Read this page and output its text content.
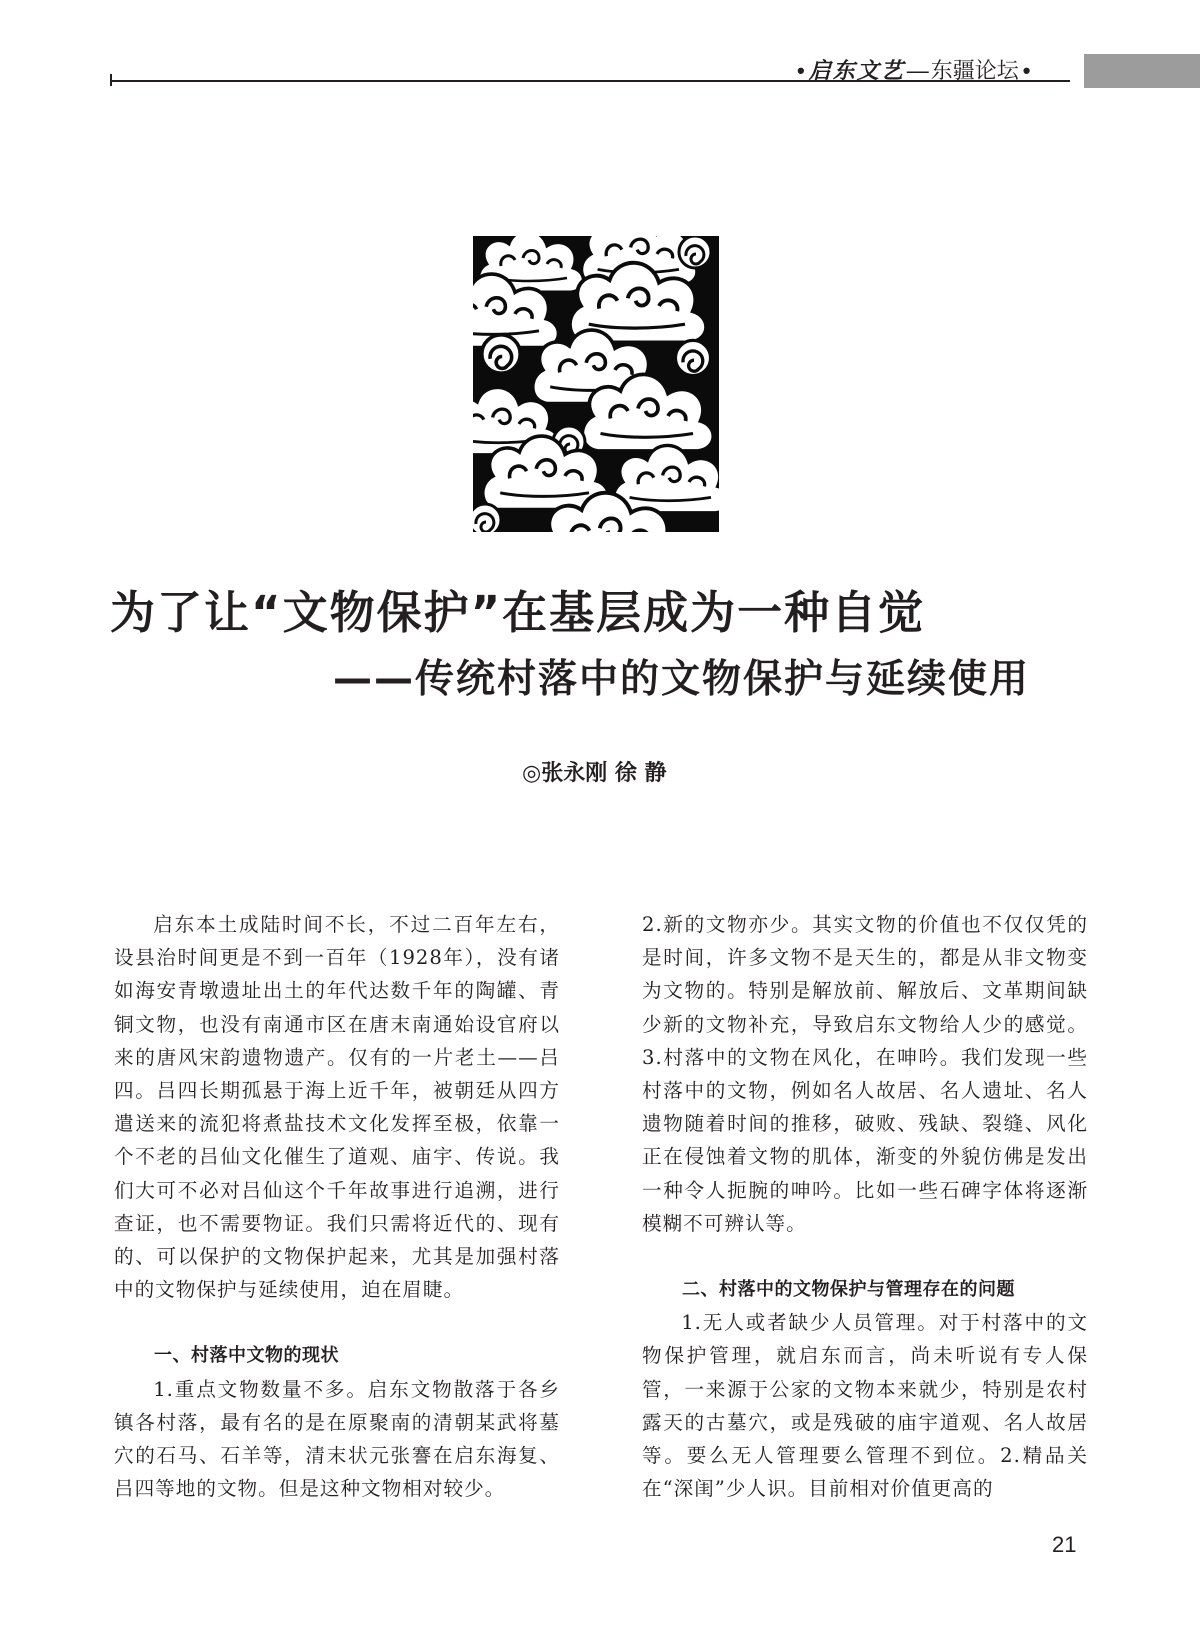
• 启东文艺—东疆论坛 •
为了让“文物保护”在基层成为一种自觉
——传统村落中的文物保护与延续使用
◎张永刚 徐 静

启东本土成陆时间不长，不过二百年左右，设县治时间更是不到一百年（1928年），没有诸如海安青墩遗址出土的年代达数千年的陶罐、青铜文物，也没有南通市区在唐末南通始设官府以来的唐风宋韵遗物遗产。仅有的一片老土——吕四。吕四长期孤悬于海上近千年，被朝廷从四方遣送来的流犯将煮盐技术文化发挥至极，依靠一个不老的吕仙文化催生了道观、庙宇、传说。我们大可不必对吕仙这个千年故事进行追溯，进行查证，也不需要物证。我们只需将近代的、现有的、可以保护的文物保护起来，尤其是加强村落中的文物保护与延续使用，迫在眉睫。

一、村落中文物的现状

1.重点文物数量不多。启东文物散落于各乡镇各村落，最有名的是在原聚南的清朝某武将墓穴的石马、石羊等，清末状元张謇在启东海复、吕四等地的文物。但是这种文物相对较少。

2.新的文物亦少。其实文物的价值也不仅仅凭的是时间，许多文物不是天生的，都是从非文物变为文物的。特别是解放前、解放后、文革期间缺少新的文物补充，导致启东文物给人少的感觉。3.村落中的文物在风化，在呻吟。我们发现一些村落中的文物，例如名人故居、名人遗址、名人遗物随着时间的推移，破败、残缺、裂缝、风化正在侵蚀着文物的肌体，渐变的外貌仿佛是发出一种令人扼腕的呻吟。比如一些石碑字体将逐渐模糊不可辨认等。

二、村落中的文物保护与管理存在的问题

1.无人或者缺少人员管理。对于村落中的文物保护管理，就启东而言，尚未听说有专人保管，一来源于公家的文物本来就少，特别是农村露天的古墓穴，或是残破的庙宇道观、名人故居等。要么无人管理要么管理不到位。2.精品关在“深闺”少人识。目前相对价值更高的

21
